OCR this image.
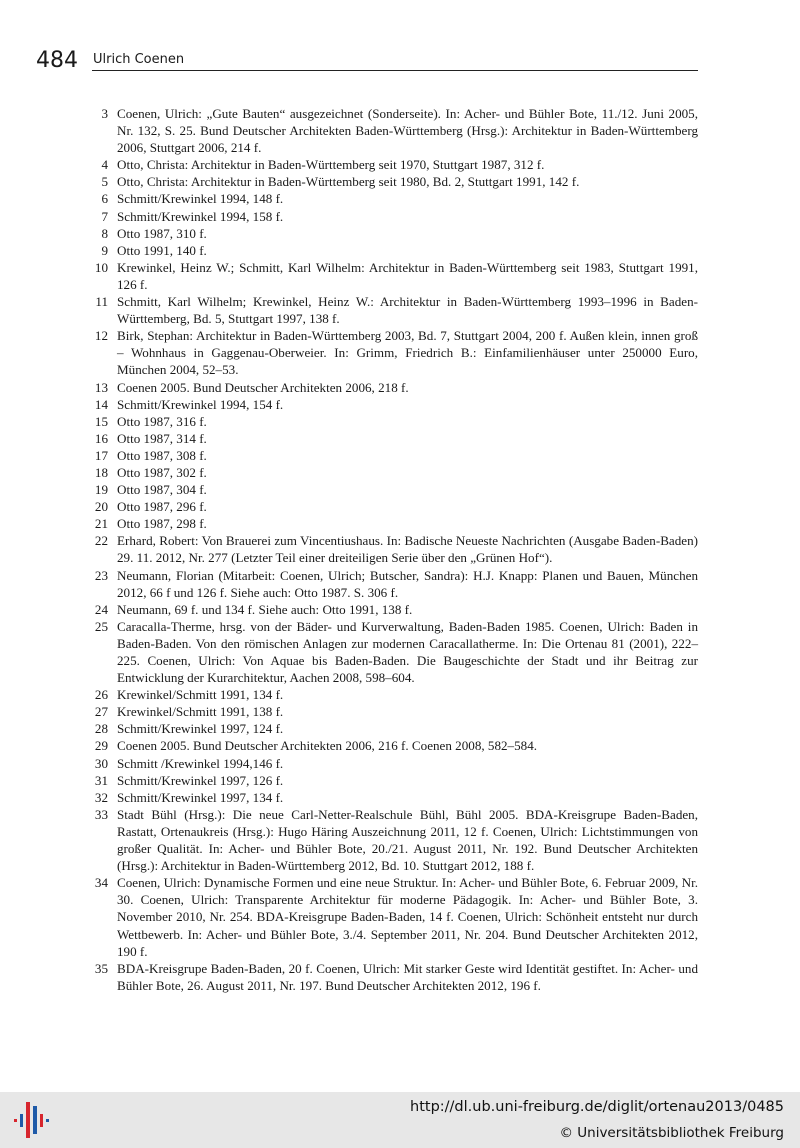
484 Ulrich Coenen
3 Coenen, Ulrich: „Gute Bauten“ ausgezeichnet (Sonderseite). In: Acher- und Bühler Bote, 11./12. Juni 2005, Nr. 132, S. 25. Bund Deutscher Architekten Baden-Württemberg (Hrsg.): Architektur in Baden-Württemberg 2006, Stuttgart 2006, 214 f.
4 Otto, Christa: Architektur in Baden-Württemberg seit 1970, Stuttgart 1987, 312 f.
5 Otto, Christa: Architektur in Baden-Württemberg seit 1980, Bd. 2, Stuttgart 1991, 142 f.
6 Schmitt/Krewinkel 1994, 148 f.
7 Schmitt/Krewinkel 1994, 158 f.
8 Otto 1987, 310 f.
9 Otto 1991, 140 f.
10 Krewinkel, Heinz W.; Schmitt, Karl Wilhelm: Architektur in Baden-Württemberg seit 1983, Stuttgart 1991, 126 f.
11 Schmitt, Karl Wilhelm; Krewinkel, Heinz W.: Architektur in Baden-Württemberg 1993–1996 in Baden-Württemberg, Bd. 5, Stuttgart 1997, 138 f.
12 Birk, Stephan: Architektur in Baden-Württemberg 2003, Bd. 7, Stuttgart 2004, 200 f. Außen klein, innen groß – Wohnhaus in Gaggenau-Oberweier. In: Grimm, Friedrich B.: Einfamilienhäuser unter 250000 Euro, München 2004, 52–53.
13 Coenen 2005. Bund Deutscher Architekten 2006, 218 f.
14 Schmitt/Krewinkel 1994, 154 f.
15 Otto 1987, 316 f.
16 Otto 1987, 314 f.
17 Otto 1987, 308 f.
18 Otto 1987, 302 f.
19 Otto 1987, 304 f.
20 Otto 1987, 296 f.
21 Otto 1987, 298 f.
22 Erhard, Robert: Von Brauerei zum Vincentiushaus. In: Badische Neueste Nachrichten (Ausgabe Baden-Baden) 29. 11. 2012, Nr. 277 (Letzter Teil einer dreiteiligen Serie über den „Grünen Hof“).
23 Neumann, Florian (Mitarbeit: Coenen, Ulrich; Butscher, Sandra): H.J. Knapp: Planen und Bauen, München 2012, 66 f und 126 f. Siehe auch: Otto 1987. S. 306 f.
24 Neumann, 69 f. und 134 f. Siehe auch: Otto 1991, 138 f.
25 Caracalla-Therme, hrsg. von der Bäder- und Kurverwaltung, Baden-Baden 1985. Coenen, Ulrich: Baden in Baden-Baden. Von den römischen Anlagen zur modernen Caracallatherme. In: Die Ortenau 81 (2001), 222–225. Coenen, Ulrich: Von Aquae bis Baden-Baden. Die Baugeschichte der Stadt und ihr Beitrag zur Entwicklung der Kurarchitektur, Aachen 2008, 598–604.
26 Krewinkel/Schmitt 1991, 134 f.
27 Krewinkel/Schmitt 1991, 138 f.
28 Schmitt/Krewinkel 1997, 124 f.
29 Coenen 2005. Bund Deutscher Architekten 2006, 216 f. Coenen 2008, 582–584.
30 Schmitt /Krewinkel 1994,146 f.
31 Schmitt/Krewinkel 1997, 126 f.
32 Schmitt/Krewinkel 1997, 134 f.
33 Stadt Bühl (Hrsg.): Die neue Carl-Netter-Realschule Bühl, Bühl 2005. BDA-Kreisgrupe Baden-Baden, Rastatt, Ortenaukreis (Hrsg.): Hugo Häring Auszeichnung 2011, 12 f. Coenen, Ulrich: Lichtstimmungen von großer Qualität. In: Acher- und Bühler Bote, 20./21. August 2011, Nr. 192. Bund Deutscher Architekten (Hrsg.): Architektur in Baden-Württemberg 2012, Bd. 10. Stuttgart 2012, 188 f.
34 Coenen, Ulrich: Dynamische Formen und eine neue Struktur. In: Acher- und Bühler Bote, 6. Februar 2009, Nr. 30. Coenen, Ulrich: Transparente Architektur für moderne Pädagogik. In: Acher- und Bühler Bote, 3. November 2010, Nr. 254. BDA-Kreisgrupe Baden-Baden, 14 f. Coenen, Ulrich: Schönheit entsteht nur durch Wettbewerb. In: Acher- und Bühler Bote, 3./4. September 2011, Nr. 204. Bund Deutscher Architekten 2012, 190 f.
35 BDA-Kreisgrupe Baden-Baden, 20 f. Coenen, Ulrich: Mit starker Geste wird Identität gestiftet. In: Acher- und Bühler Bote, 26. August 2011, Nr. 197. Bund Deutscher Architekten 2012, 196 f.
http://dl.ub.uni-freiburg.de/diglit/ortenau2013/0485
© Universitätsbibliothek Freiburg
